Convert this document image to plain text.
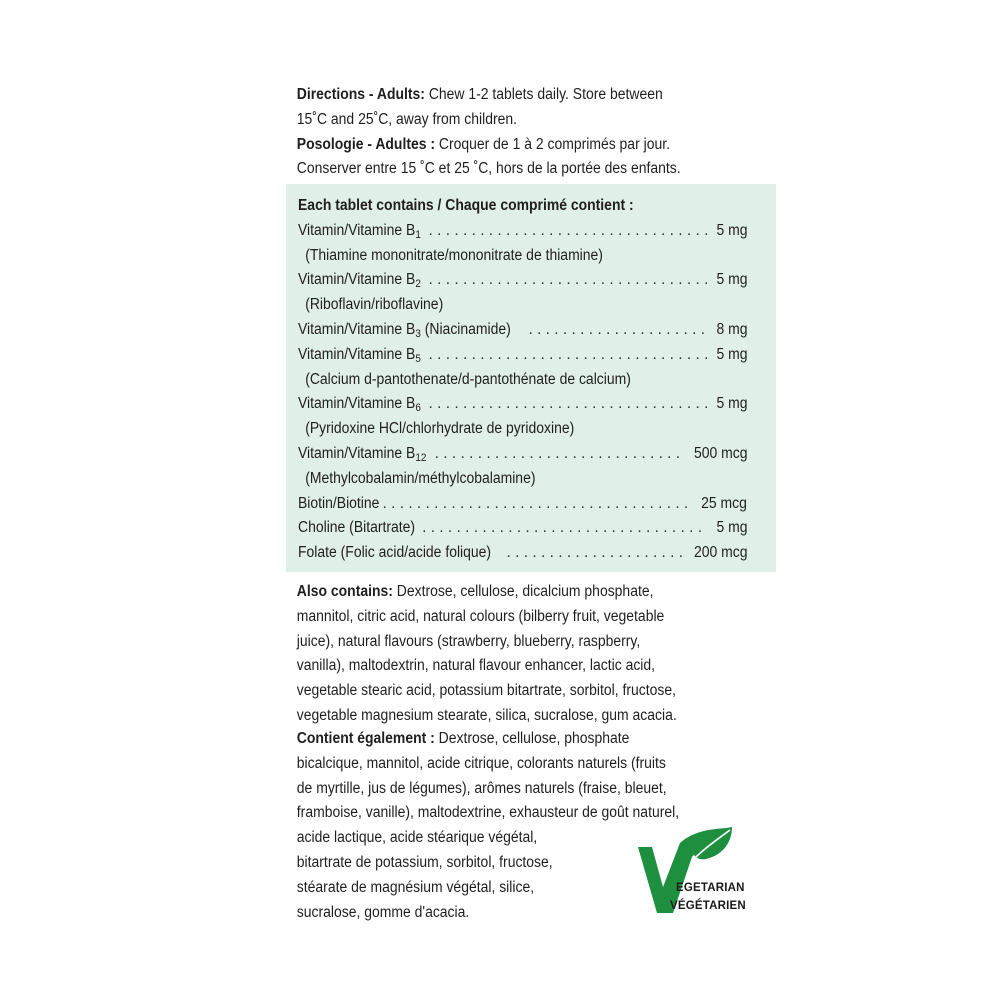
Directions - Adults: Chew 1-2 tablets daily. Store between
15˚C and 25˚C, away from children.

Posologie - Adultes : Croquer de 1 à 2 comprimés par jour.
Conserver entre 15 ˚C et 25 ˚C, hors de la portée des enfants.

Each tablet contains / Chaque comprimé contient :
Vitamin/Vitamine $B_1$ . . .	5 mg
(Thiamine mononitrate/mononitrate de thiamine)
Vitamin/Vitamine $B_2$ . . .	5 mg
(Riboflavin/riboflavine)
Vitamin/Vitamine $B_3$ (Niacinamide) . . .	8 mg
Vitamin/Vitamine $B_5$ . . .	5 mg
(Calcium d-pantothenate/d-pantothénate de calcium)
Vitamin/Vitamine $B_6$ . . .	5 mg
(Pyridoxine HCl/chlorhydrate de pyridoxine)
Vitamin/Vitamine $B_{12}$ . . .	500 mcg
(Methylcobalamin/méthylcobalamine)
Biotin/Biotine . . .	25 mcg
Choline (Bitartrate) . . .	5 mg
Folate (Folic acid/acide folique) . . .	200 mcg

Also contains: Dextrose, cellulose, dicalcium phosphate,
mannitol, citric acid, natural colours (bilberry fruit, vegetable
juice), natural flavours (strawberry, blueberry, raspberry,
vanilla), maltodextrin, natural flavour enhancer, lactic acid,
vegetable stearic acid, potassium bitartrate, sorbitol, fructose,
vegetable magnesium stearate, silica, sucralose, gum acacia.

Contient également : Dextrose, cellulose, phosphate
bicalcique, mannitol, acide citrique, colorants naturels (fruits
de myrtille, jus de légumes), arômes naturels (fraise, bleuet,
framboise, vanille), maltodextrine, exhausteur de goût naturel,
acide lactique, acide stéarique végétal,
bitartrate de potassium, sorbitol, fructose,
stéarate de magnésium végétal, silice,
sucralose, gomme d'acacia.

EGETARIAN
VÉGÉTARIEN
